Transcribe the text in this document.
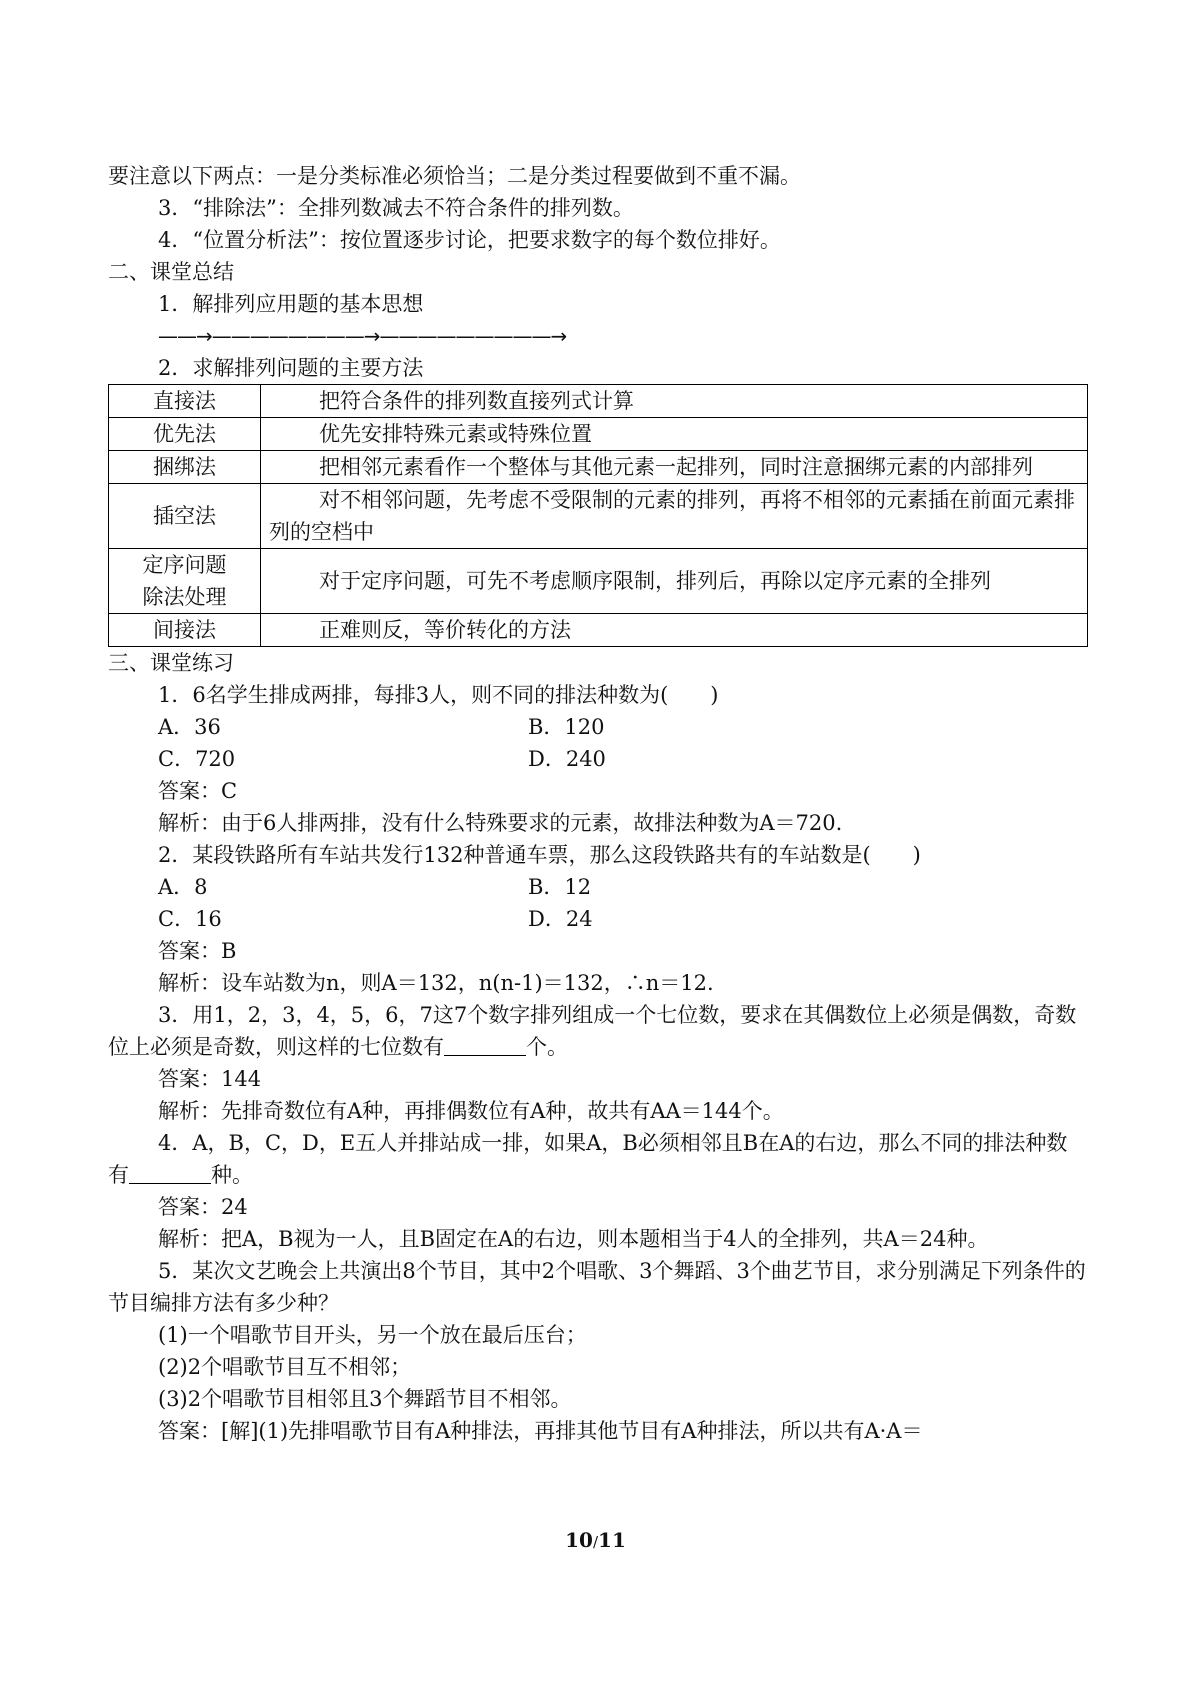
要注意以下两点：一是分类标准必须恰当；二是分类过程要做到不重不漏。
3．“排除法”：全排列数减去不符合条件的排列数。
4．“位置分析法”：按位置逐步讨论，把要求数字的每个数位排好。
二、课堂总结
1．解排列应用题的基本思想
——→————————→—————————→
2．求解排列问题的主要方法
直接法	把符合条件的排列数直接列式计算
优先法	优先安排特殊元素或特殊位置
捆绑法	把相邻元素看作一个整体与其他元素一起排列，同时注意捆绑元素的内部排列
插空法	对不相邻问题，先考虑不受限制的元素的排列，再将不相邻的元素插在前面元素排列的空档中
定序问题
除法处理	对于定序问题，可先不考虑顺序限制，排列后，再除以定序元素的全排列
间接法	正难则反，等价转化的方法
三、课堂练习
1．6名学生排成两排，每排3人，则不同的排法种数为(　　)
A．36	B．120
C．720	D．240
答案：C
解析：由于6人排两排，没有什么特殊要求的元素，故排法种数为A＝720.
2．某段铁路所有车站共发行132种普通车票，那么这段铁路共有的车站数是(　　)
A．8	B．12
C．16	D．24
答案：B
解析：设车站数为n，则A＝132，n(n-1)＝132，∴n＝12.
3．用1，2，3，4，5，6，7这7个数字排列组成一个七位数，要求在其偶数位上必须是偶数，奇数位上必须是奇数，则这样的七位数有	个。
答案：144
解析：先排奇数位有A种，再排偶数位有A种，故共有AA＝144个。
4．A，B，C，D，E五人并排站成一排，如果A，B必须相邻且B在A的右边，那么不同的排法种数有	种。
答案：24
解析：把A，B视为一人，且B固定在A的右边，则本题相当于4人的全排列，共A＝24种。
5．某次文艺晚会上共演出8个节目，其中2个唱歌、3个舞蹈、3个曲艺节目，求分别满足下列条件的节目编排方法有多少种？
(1)一个唱歌节目开头，另一个放在最后压台；
(2)2个唱歌节目互不相邻；
(3)2个唱歌节目相邻且3个舞蹈节目不相邻。
答案：[解](1)先排唱歌节目有A种排法，再排其他节目有A种排法，所以共有A·A＝
10/11
